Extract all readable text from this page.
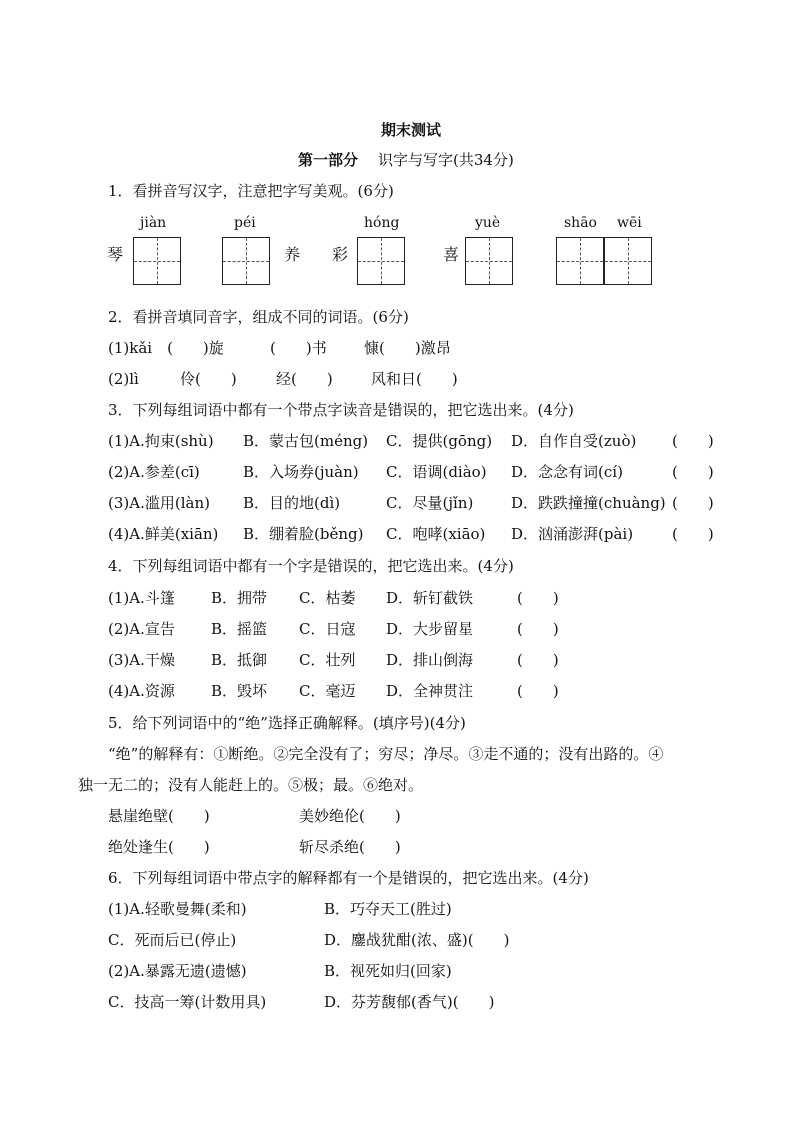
期末测试
第一部分 识字与写字(共34分)
1．看拼音写汉字，注意把字写美观。(6分)
jiàn	péi	hóng	yuè	shāo wēi
琴	养 彩	喜
2．看拼音填同音字，组成不同的词语。(6分)
(1)kǎi　(　　)旋	(　　)书 慷(　　)激昂
(2)lì	伶(　　)	经(　　)	风和日(　　)
3．下列每组词语中都有一个带点字读音是错误的，把它选出来。(4分)
(1)A.拘束(shù) B．蒙古包(méng) C．提供(gōng) D．自作自受(zuò) (　　)
(2)A.参差(cī)	B．入场券(juàn) C．语调(diào) D．念念有词(cí)	(　　)
(3)A.滥用(làn) B．目的地(dì)	C．尽量(jǐn)	D．跌跌撞撞(chuàng) (　　)
(4)A.鲜美(xiān) B．绷着脸(běng) C．咆哮(xiāo) D．汹涌澎湃(pài)	(　　)
4．下列每组词语中都有一个字是错误的，把它选出来。(4分)
(1)A.斗篷 B．拥带 C．枯萎 D．斩钉截铁	(　　)
(2)A.宣告 B．摇篮 C．日寇 D．大步留星	(　　)
(3)A.干燥 B．抵御 C．壮列 D．排山倒海	(　　)
(4)A.资源 B．毁坏 C．毫迈 D．全神贯注	(　　)
5．给下列词语中的“绝”选择正确解释。(填序号)(4分)
“绝”的解释有：①断绝。②完全没有了；穷尽；净尽。③走不通的；没有出路的。④
独一无二的；没有人能赶上的。⑤极；最。⑥绝对。
悬崖绝壁(　　)	美妙绝伦(　　)
绝处逢生(　　)	斩尽杀绝(　　)
6．下列每组词语中带点字的解释都有一个是错误的，把它选出来。(4分)
(1)A.轻歌曼舞(柔和)	B．巧夺天工(胜过)
C．死而后已(停止)	D．鏖战犹酣(浓、盛)(　　)
(2)A.暴露无遗(遗憾)	B．视死如归(回家)
C．技高一筹(计数用具)	D．芬芳馥郁(香气)(　　)
